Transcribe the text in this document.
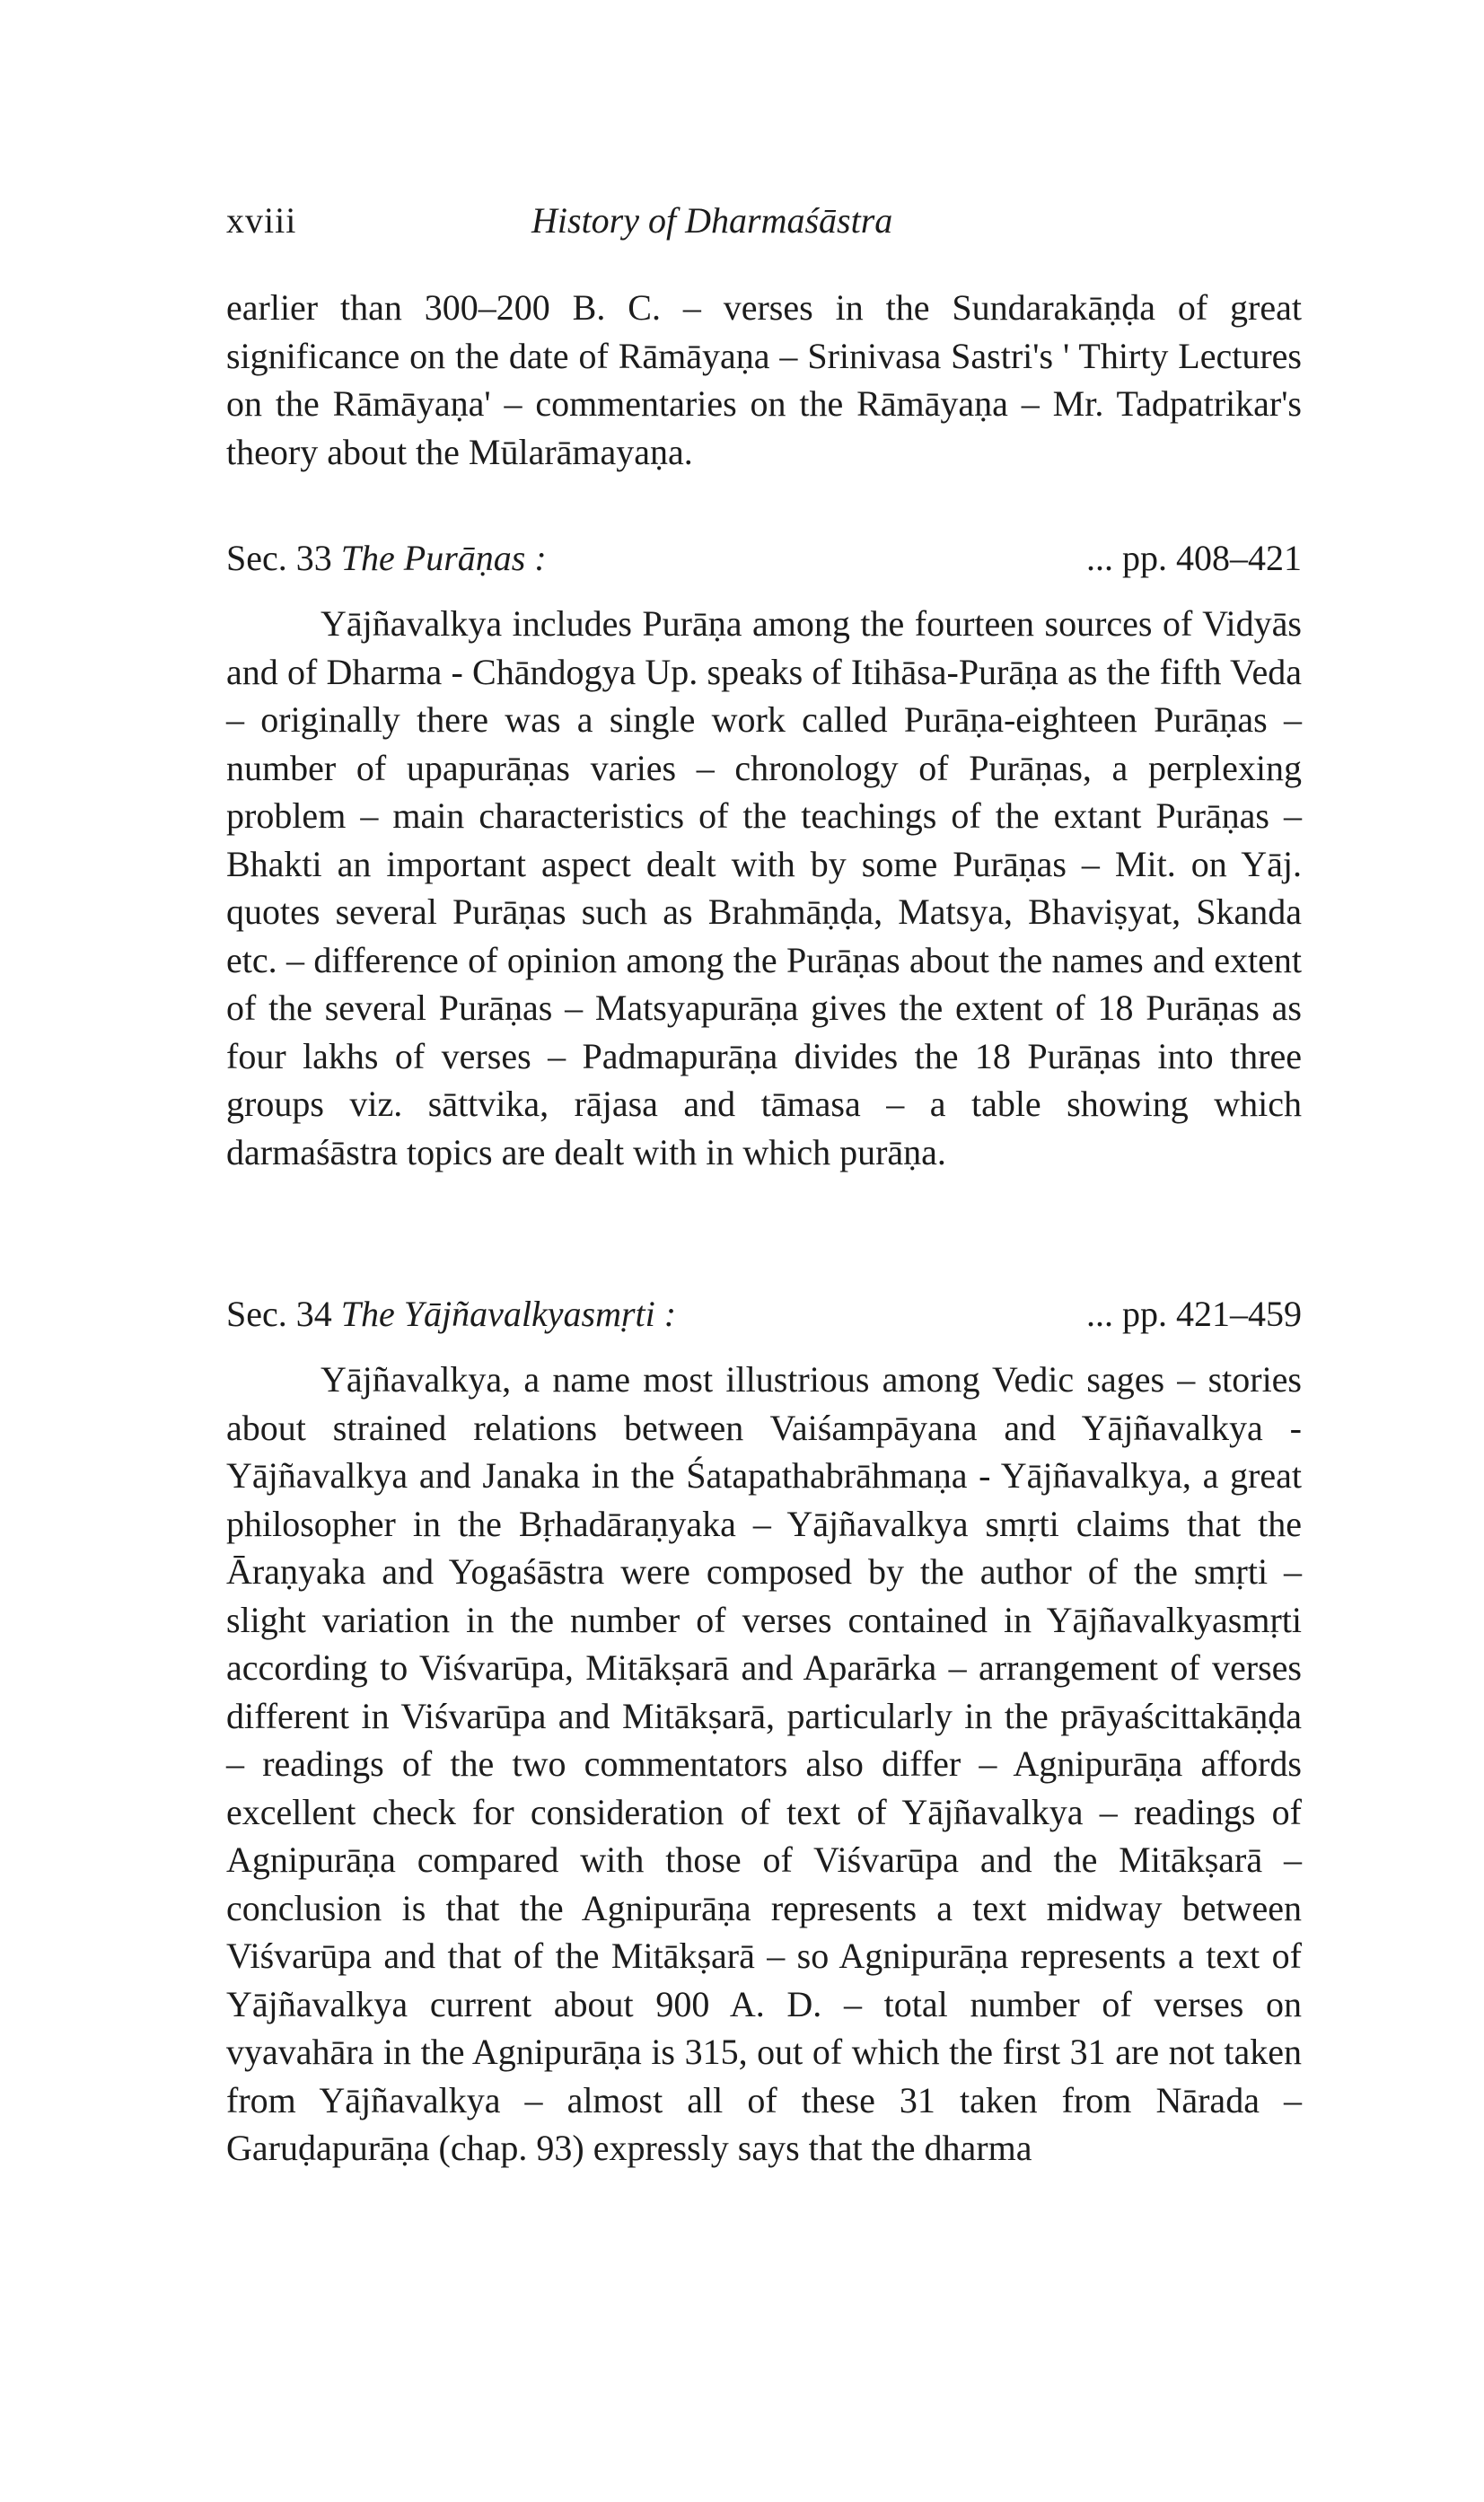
xviii	History of Dharmaśāstra

earlier than 300–200 B. C. – verses in the Sundarakāṇḍa of great significance on the date of Rāmāyaṇa – Srinivasa Sastri's ' Thirty Lectures on the Rāmāyaṇa' – commentaries on the Rāmāyaṇa – Mr. Tadpatrikar's theory about the Mūlarāmayaṇa.

Sec. 33 The Purāṇas :	... pp. 408–421

Yājñavalkya includes Purāṇa among the fourteen sources of Vidyās and of Dharma - Chāndogya Up. speaks of Itihāsa-Purāṇa as the fifth Veda – originally there was a single work called Purāṇa-eighteen Purāṇas – number of upapurāṇas varies – chronology of Purāṇas, a perplexing problem – main characteristics of the teachings of the extant Purāṇas – Bhakti an important aspect dealt with by some Purāṇas – Mit. on Yāj. quotes several Purāṇas such as Brahmāṇḍa, Matsya, Bhaviṣyat, Skanda etc. – difference of opinion among the Purāṇas about the names and extent of the several Purāṇas – Matsyapurāṇa gives the extent of 18 Purāṇas as four lakhs of verses – Padmapurāṇa divides the 18 Purāṇas into three groups viz. sāttvika, rājasa and tāmasa – a table showing which darmaśāstra topics are dealt with in which purāṇa.

Sec. 34 The Yājñavalkyasmṛti :	... pp. 421–459

Yājñavalkya, a name most illustrious among Vedic sages – stories about strained relations between Vaiśampāyana and Yājñavalkya - Yājñavalkya and Janaka in the Śatapathabrāhmaṇa - Yājñavalkya, a great philosopher in the Bṛhadāraṇyaka – Yājñavalkya smṛti claims that the Āraṇyaka and Yogaśāstra were composed by the author of the smṛti – slight variation in the number of verses contained in Yājñavalkyasmṛti according to Viśvarūpa, Mitākṣarā and Aparārka – arrangement of verses different in Viśvarūpa and Mitākṣarā, particularly in the prāyaścittakāṇḍa – readings of the two commentators also differ – Agnipurāṇa affords excellent check for consideration of text of Yājñavalkya – readings of Agnipurāṇa compared with those of Viśvarūpa and the Mitākṣarā – conclusion is that the Agnipurāṇa represents a text midway between Viśvarūpa and that of the Mitākṣarā – so Agnipurāṇa represents a text of Yājñavalkya current about 900 A. D. – total number of verses on vyavahāra in the Agnipurāṇa is 315, out of which the first 31 are not taken from Yājñavalkya – almost all of these 31 taken from Nārada – Garuḍapurāṇa (chap. 93) expressly says that the dharma
